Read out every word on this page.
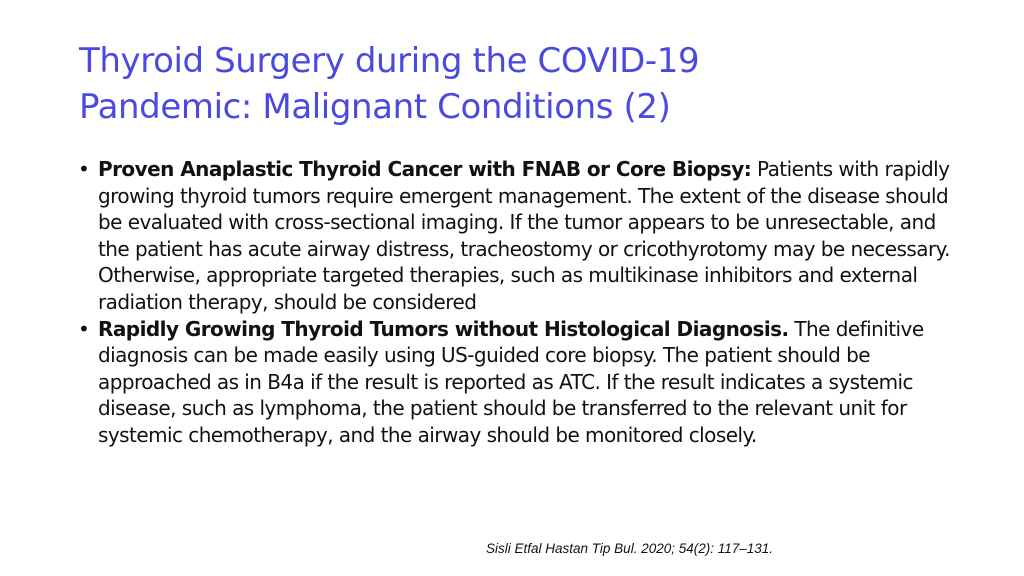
Thyroid Surgery during the COVID-19
Pandemic: Malignant Conditions (2)
• Proven Anaplastic Thyroid Cancer with FNAB or Core Biopsy: Patients with rapidly growing thyroid tumors require emergent management. The extent of the disease should be evaluated with cross-sectional imaging. If the tumor appears to be unresectable, and the patient has acute airway distress, tracheostomy or cricothyrotomy may be necessary. Otherwise, appropriate targeted therapies, such as multikinase inhibitors and external radiation therapy, should be considered
• Rapidly Growing Thyroid Tumors without Histological Diagnosis. The definitive diagnosis can be made easily using US-guided core biopsy. The patient should be approached as in B4a if the result is reported as ATC. If the result indicates a systemic disease, such as lymphoma, the patient should be transferred to the relevant unit for systemic chemotherapy, and the airway should be monitored closely.

Sisli Etfal Hastan Tip Bul. 2020; 54(2): 117–131.
